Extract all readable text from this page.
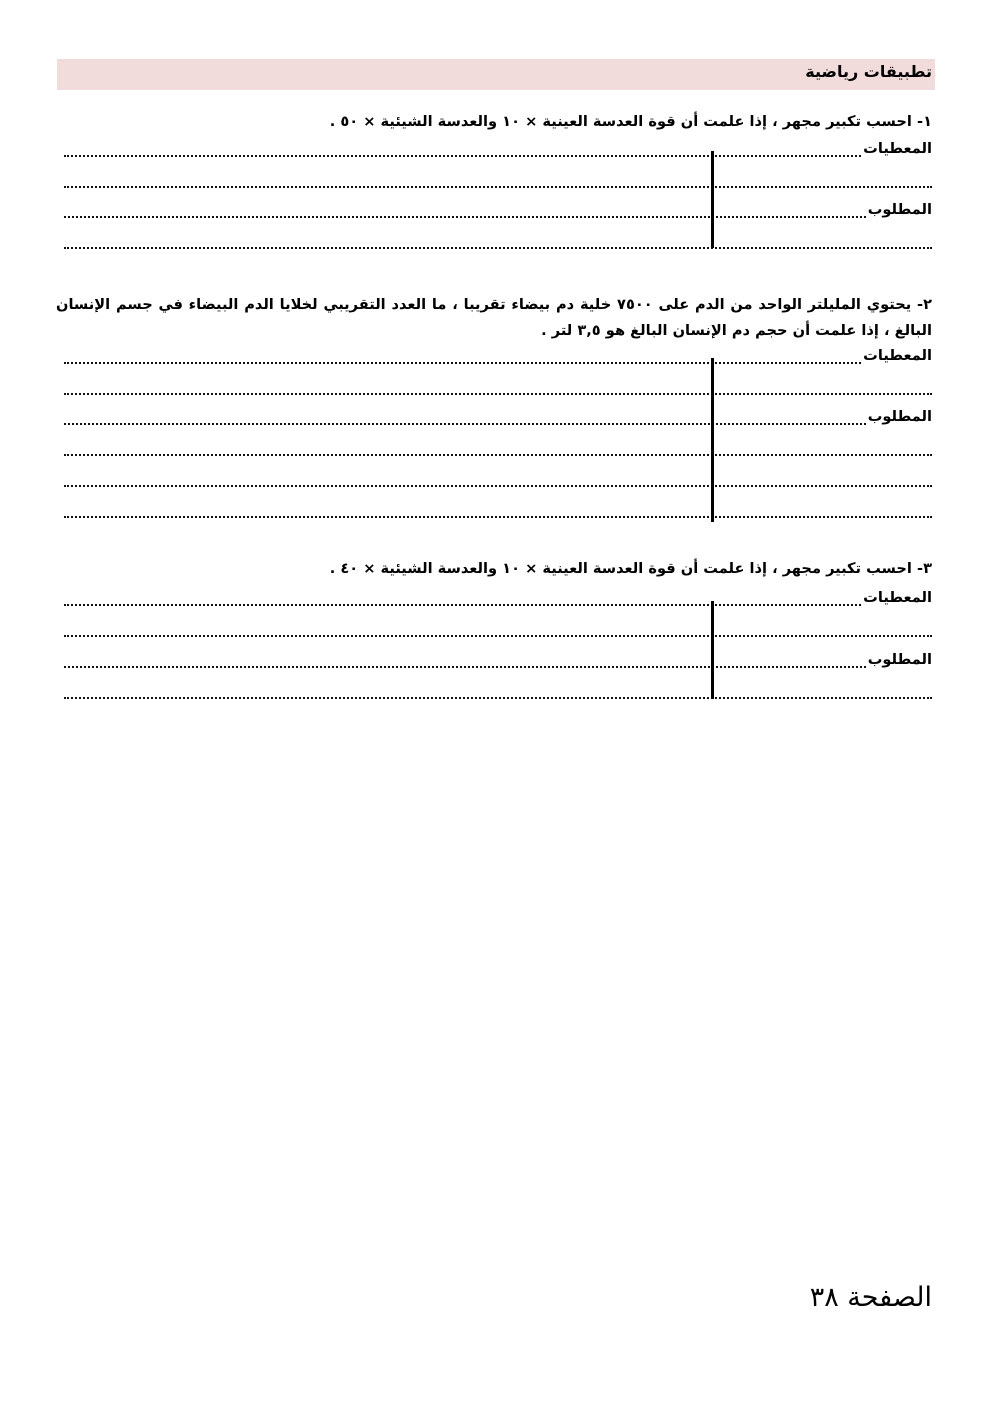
تطبيقات رياضية
١- احسب تكبير مجهر ، إذا علمت أن قوة العدسة العينية × ١٠ والعدسة الشيئية × ٥٠ .
المعطيات
المطلوب
٢- يحتوي المليلتر الواحد من الدم على ٧٥٠٠ خلية دم بيضاء تقريبا ، ما العدد التقريبي لخلايا الدم البيضاء في جسم الإنسان البالغ ، إذا علمت أن حجم دم الإنسان البالغ هو ٣,٥ لتر .
المعطيات
المطلوب
٣- احسب تكبير مجهر ، إذا علمت أن قوة العدسة العينية × ١٠ والعدسة الشيئية × ٤٠ .
المعطيات
المطلوب
الصفحة ٣٨
